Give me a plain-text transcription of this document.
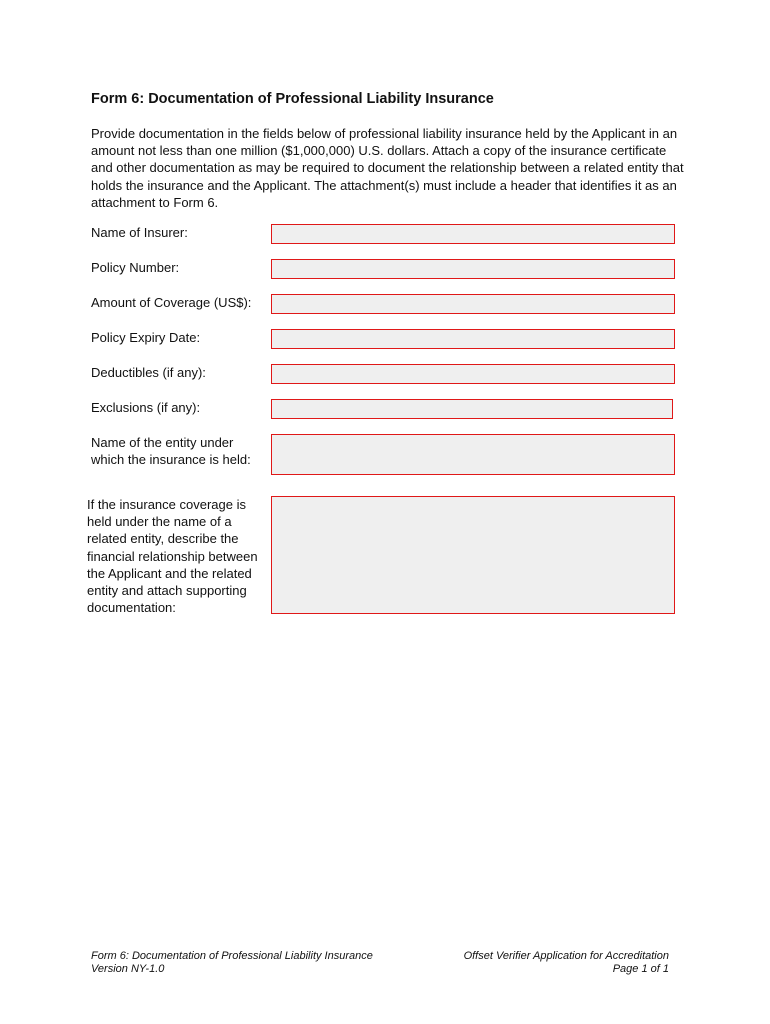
Form 6: Documentation of Professional Liability Insurance

Provide documentation in the fields below of professional liability insurance held by the Applicant in an amount not less than one million ($1,000,000) U.S. dollars. Attach a copy of the insurance certificate and other documentation as may be required to document the relationship between a related entity that holds the insurance and the Applicant. The attachment(s) must include a header that identifies it as an attachment to Form 6.

Name of Insurer:
Policy Number:
Amount of Coverage (US$):
Policy Expiry Date:
Deductibles (if any):
Exclusions (if any):
Name of the entity under which the insurance is held:
If the insurance coverage is held under the name of a related entity, describe the financial relationship between the Applicant and the related entity and attach supporting documentation:
Form 6: Documentation of Professional Liability Insurance
Version NY-1.0
Offset Verifier Application for Accreditation
Page 1 of 1
